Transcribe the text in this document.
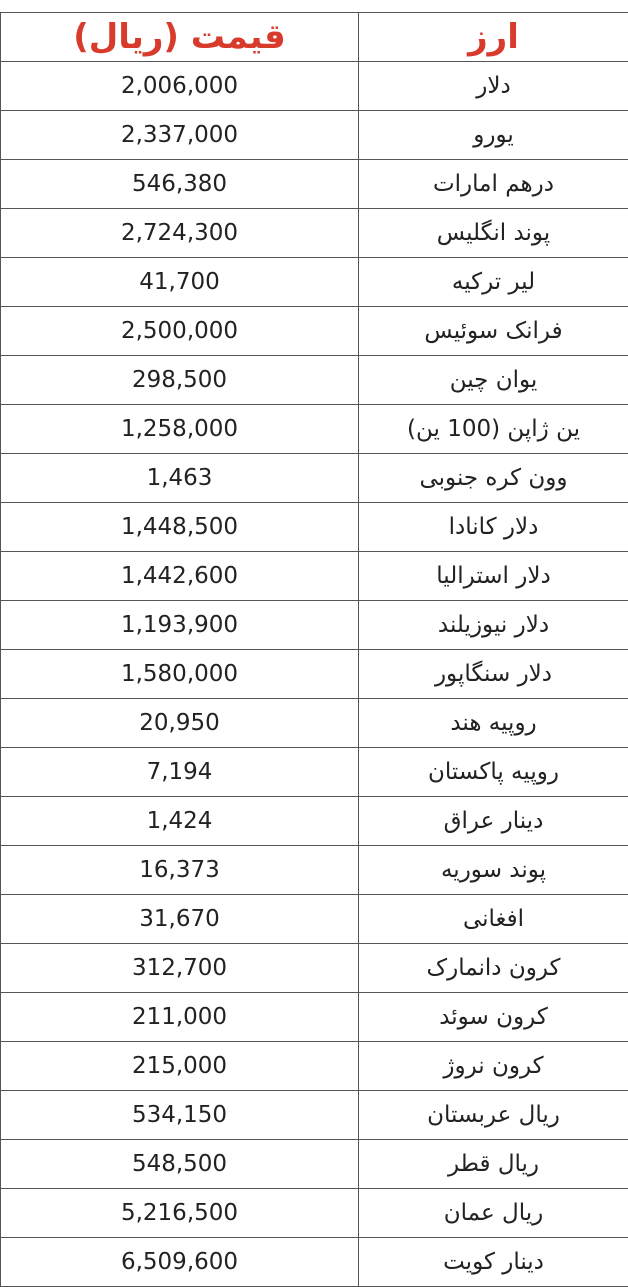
قیمت (ریال)	ارز
2,006,000	دلار
2,337,000	یورو
546,380	درهم امارات
2,724,300	پوند انگلیس
41,700	لیر ترکیه
2,500,000	فرانک سوئیس
298,500	یوان چین
1,258,000	ین ژاپن (100 ین)
1,463	وون کره جنوبی
1,448,500	دلار کانادا
1,442,600	دلار استرالیا
1,193,900	دلار نیوزیلند
1,580,000	دلار سنگاپور
20,950	روپیه هند
7,194	روپیه پاکستان
1,424	دینار عراق
16,373	پوند سوریه
31,670	افغانی
312,700	کرون دانمارک
211,000	کرون سوئد
215,000	کرون نروژ
534,150	ریال عربستان
548,500	ریال قطر
5,216,500	ریال عمان
6,509,600	دینار کویت
